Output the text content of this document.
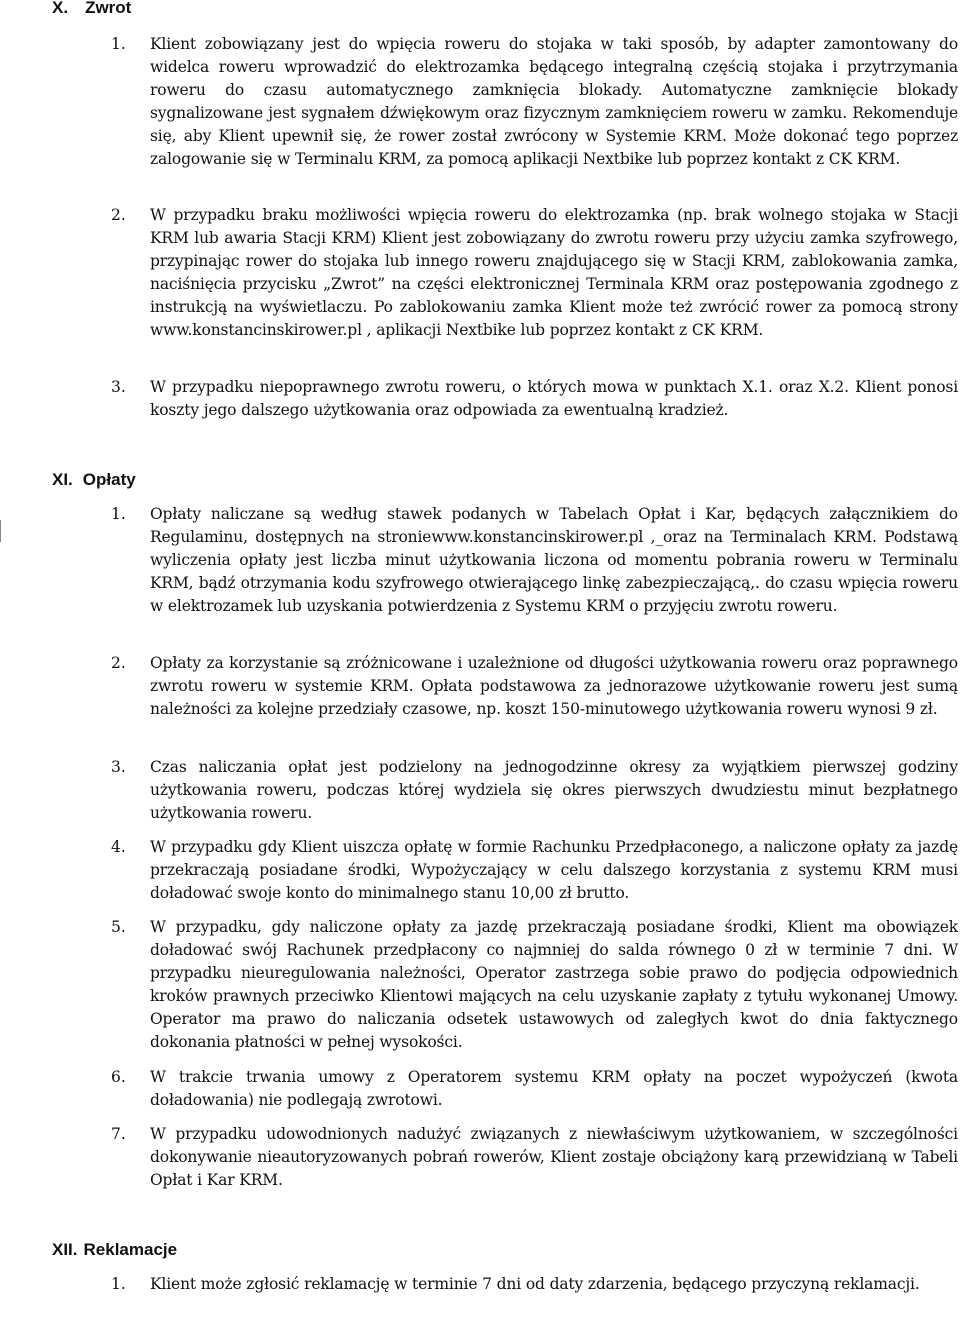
X. Zwrot
1. Klient zobowiązany jest do wpięcia roweru do stojaka w taki sposób, by adapter zamontowany do widelca roweru wprowadzić do elektrozamka będącego integralną częścią stojaka i przytrzymania roweru do czasu automatycznego zamknięcia blokady. Automatyczne zamknięcie blokady sygnalizowane jest sygnałem dźwiękowym oraz fizycznym zamknięciem roweru w zamku. Rekomenduje się, aby Klient upewnił się, że rower został zwrócony w Systemie KRM. Może dokonać tego poprzez zalogowanie się w Terminalu KRM, za pomocą aplikacji Nextbike lub poprzez kontakt z CK KRM.
2. W przypadku braku możliwości wpięcia roweru do elektrozamka (np. brak wolnego stojaka w Stacji KRM lub awaria Stacji KRM) Klient jest zobowiązany do zwrotu roweru przy użyciu zamka szyfrowego, przypinając rower do stojaka lub innego roweru znajdującego się w Stacji KRM, zablokowania zamka, naciśnięcia przycisku „Zwrot” na części elektronicznej Terminala KRM oraz postępowania zgodnego z instrukcją na wyświetlaczu. Po zablokowaniu zamka Klient może też zwrócić rower za pomocą strony www.konstancinskirower.pl , aplikacji Nextbike lub poprzez kontakt z CK KRM.
3. W przypadku niepoprawnego zwrotu roweru, o których mowa w punktach X.1. oraz X.2. Klient ponosi koszty jego dalszego użytkowania oraz odpowiada za ewentualną kradzież.
XI. Opłaty
1. Opłaty naliczane są według stawek podanych w Tabelach Opłat i Kar, będących załącznikiem do Regulaminu, dostępnych na stroniewww.konstancinskirower.pl ,_oraz na Terminalach KRM. Podstawą wyliczenia opłaty jest liczba minut użytkowania liczona od momentu pobrania roweru w Terminalu KRM, bądź otrzymania kodu szyfrowego otwierającego linkę zabezpieczającą,. do czasu wpięcia roweru w elektrozamek lub uzyskania potwierdzenia z Systemu KRM o przyjęciu zwrotu roweru.
2. Opłaty za korzystanie są zróżnicowane i uzależnione od długości użytkowania roweru oraz poprawnego zwrotu roweru w systemie KRM. Opłata podstawowa za jednorazowe użytkowanie roweru jest sumą należności za kolejne przedziały czasowe, np. koszt 150-minutowego użytkowania roweru wynosi 9 zł.
3. Czas naliczania opłat jest podzielony na jednogodzinne okresy za wyjątkiem pierwszej godziny użytkowania roweru, podczas której wydziela się okres pierwszych dwudziestu minut bezpłatnego użytkowania roweru.
4. W przypadku gdy Klient uiszcza opłatę w formie Rachunku Przedpłaconego, a naliczone opłaty za jazdę przekraczają posiadane środki, Wypożyczający w celu dalszego korzystania z systemu KRM musi doładować swoje konto do minimalnego stanu 10,00 zł brutto.
5. W przypadku, gdy naliczone opłaty za jazdę przekraczają posiadane środki, Klient ma obowiązek doładować swój Rachunek przedpłacony co najmniej do salda równego 0 zł w terminie 7 dni. W przypadku nieuregulowania należności, Operator zastrzega sobie prawo do podjęcia odpowiednich kroków prawnych przeciwko Klientowi mających na celu uzyskanie zapłaty z tytułu wykonanej Umowy. Operator ma prawo do naliczania odsetek ustawowych od zaległych kwot do dnia faktycznego dokonania płatności w pełnej wysokości.
6. W trakcie trwania umowy z Operatorem systemu KRM opłaty na poczet wypożyczeń (kwota doładowania) nie podlegają zwrotowi.
7. W przypadku udowodnionych nadużyć związanych z niewłaściwym użytkowaniem, w szczególności dokonywanie nieautoryzowanych pobrań rowerów, Klient zostaje obciążony karą przewidzianą w Tabeli Opłat i Kar KRM.
XII. Reklamacje
1. Klient może zgłosić reklamację w terminie 7 dni od daty zdarzenia, będącego przyczyną reklamacji.
